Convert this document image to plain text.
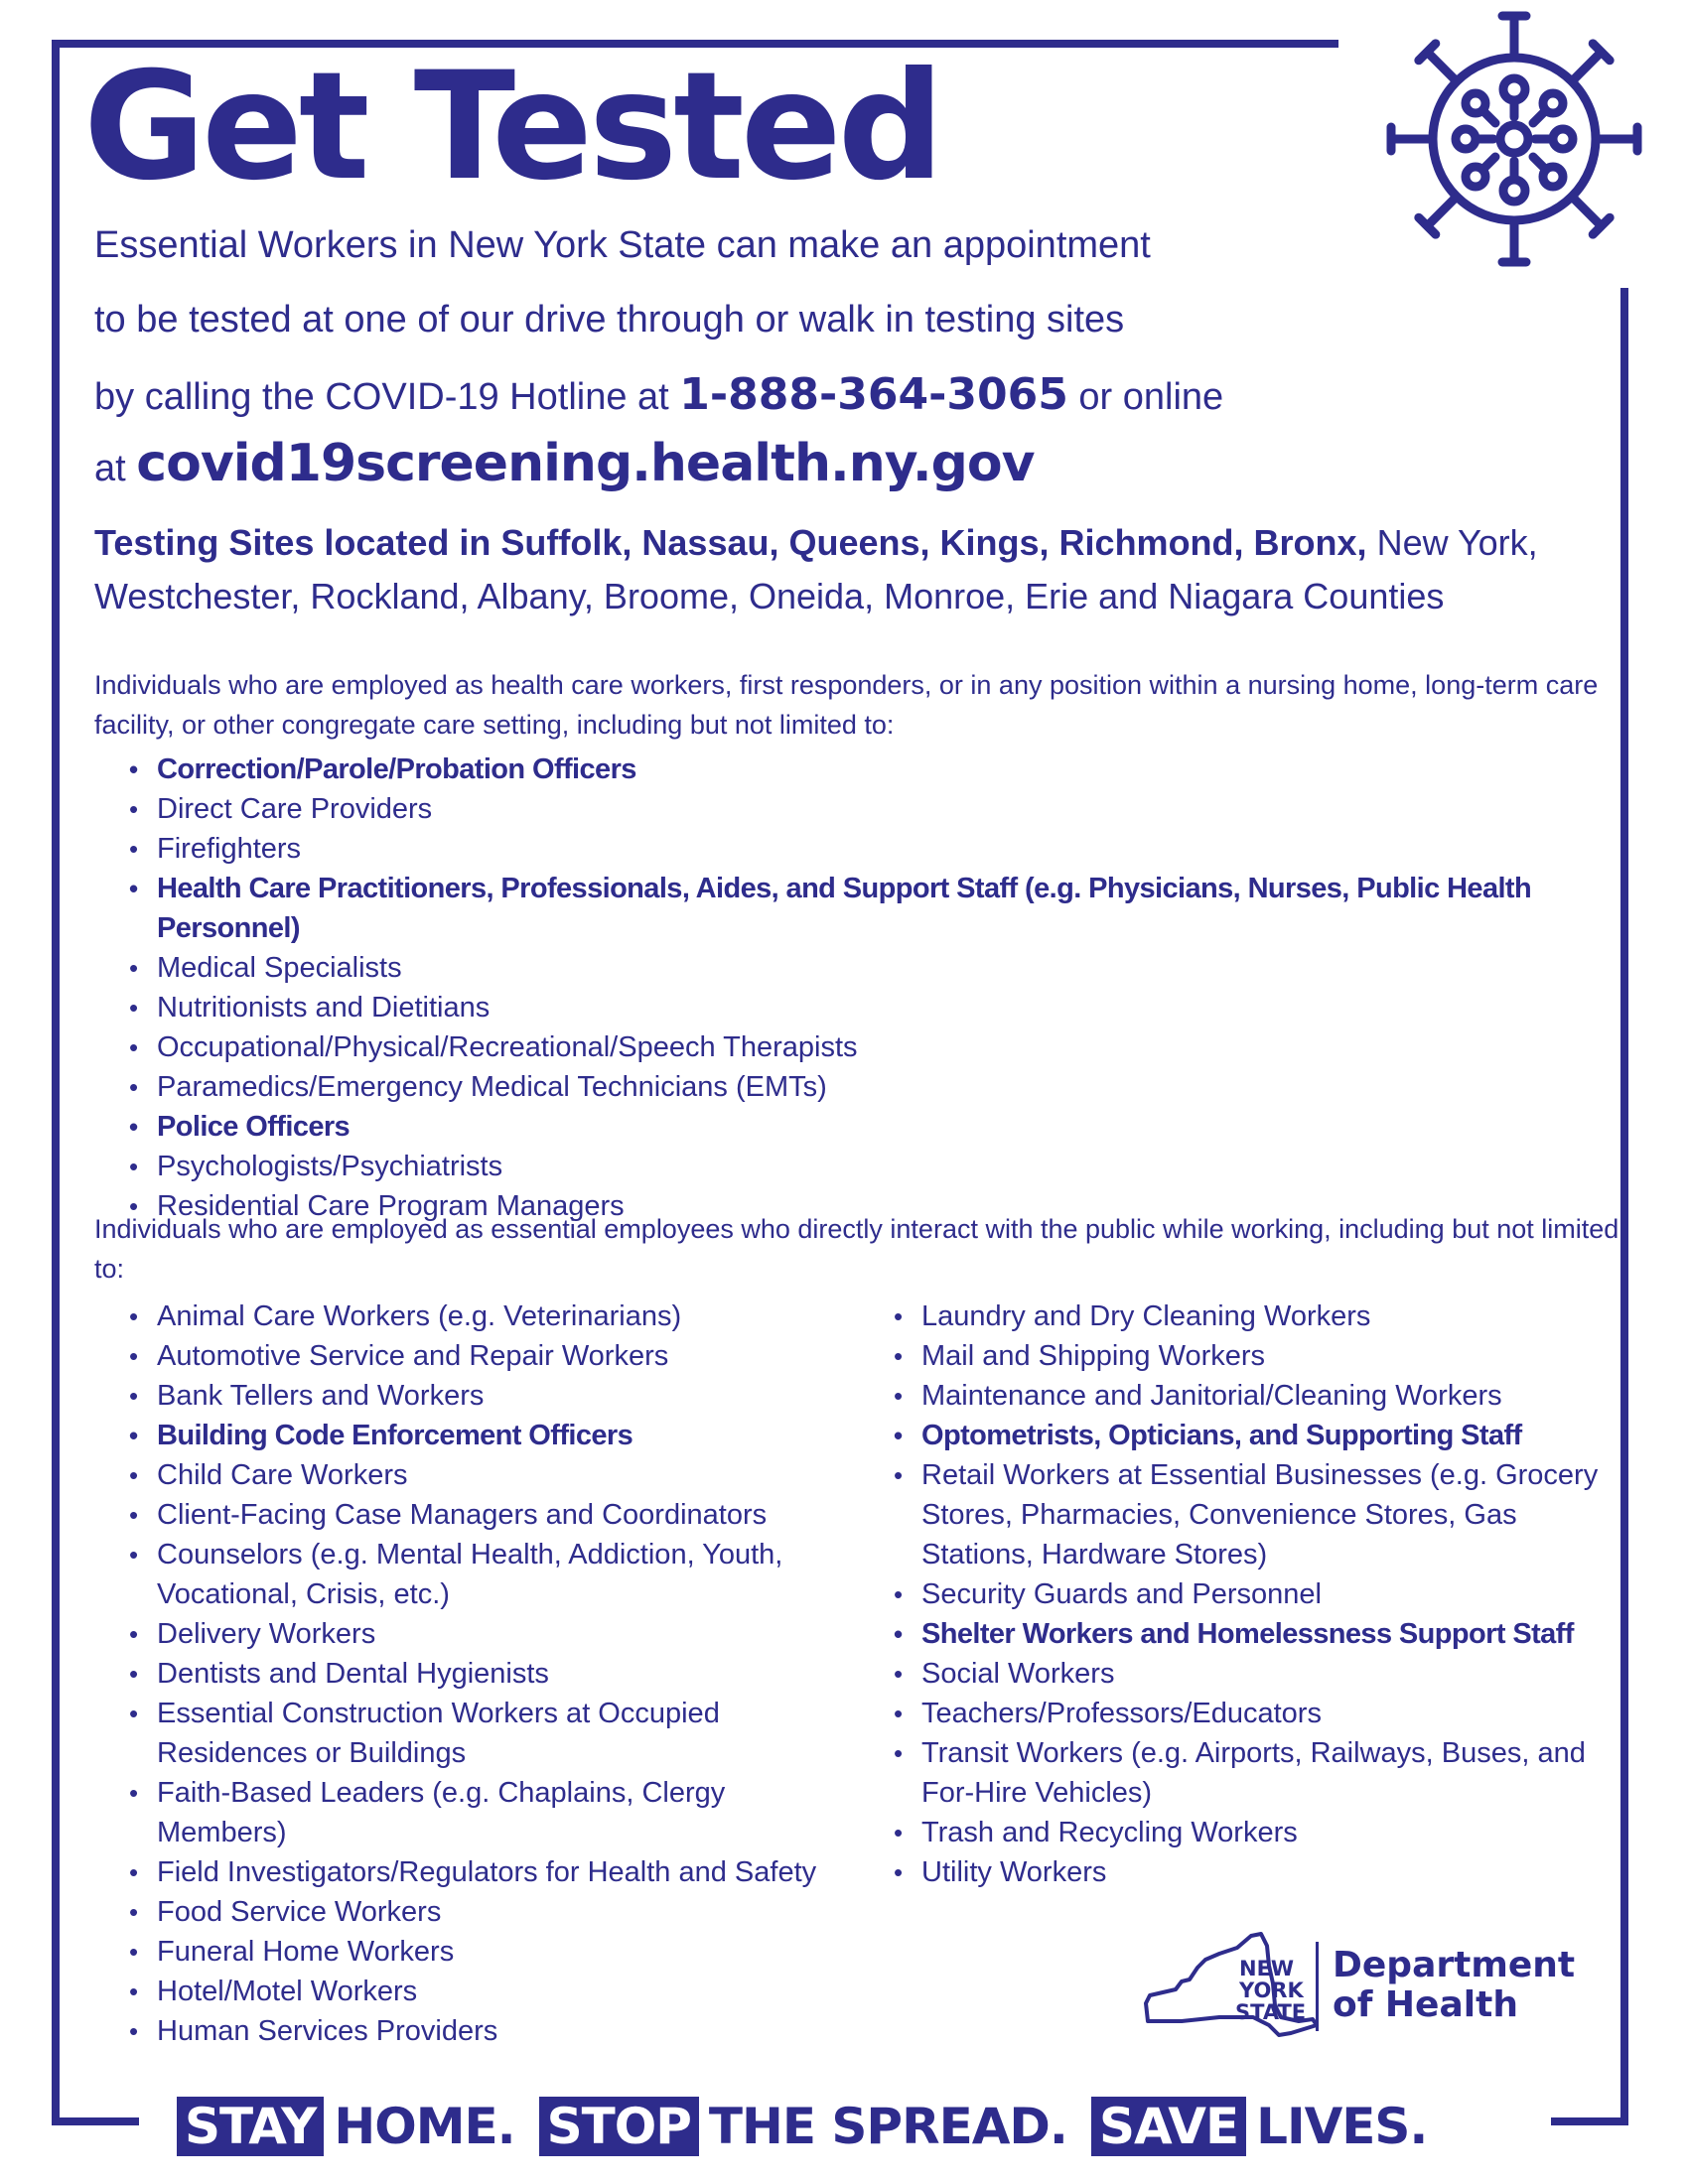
Get Tested
Essential Workers in New York State can make an appointment
to be tested at one of our drive through or walk in testing sites
by calling the COVID-19 Hotline at 1-888-364-3065 or online
at covid19screening.health.ny.gov
Testing Sites located in Suffolk, Nassau, Queens, Kings, Richmond, Bronx, New York, Westchester, Rockland, Albany, Broome, Oneida, Monroe, Erie and Niagara Counties
Individuals who are employed as health care workers, first responders, or in any position within a nursing home, long-term care facility, or other congregate care setting, including but not limited to:
• Correction/Parole/Probation Officers
• Direct Care Providers
• Firefighters
• Health Care Practitioners, Professionals, Aides, and Support Staff (e.g. Physicians, Nurses, Public Health Personnel)
• Medical Specialists
• Nutritionists and Dietitians
• Occupational/Physical/Recreational/Speech Therapists
• Paramedics/Emergency Medical Technicians (EMTs)
• Police Officers
• Psychologists/Psychiatrists
• Residential Care Program Managers
Individuals who are employed as essential employees who directly interact with the public while working, including but not limited to:
• Animal Care Workers (e.g. Veterinarians)
• Automotive Service and Repair Workers
• Bank Tellers and Workers
• Building Code Enforcement Officers
• Child Care Workers
• Client-Facing Case Managers and Coordinators
• Counselors (e.g. Mental Health, Addiction, Youth, Vocational, Crisis, etc.)
• Delivery Workers
• Dentists and Dental Hygienists
• Essential Construction Workers at Occupied Residences or Buildings
• Faith-Based Leaders (e.g. Chaplains, Clergy Members)
• Field Investigators/Regulators for Health and Safety
• Food Service Workers
• Funeral Home Workers
• Hotel/Motel Workers
• Human Services Providers
• Laundry and Dry Cleaning Workers
• Mail and Shipping Workers
• Maintenance and Janitorial/Cleaning Workers
• Optometrists, Opticians, and Supporting Staff
• Retail Workers at Essential Businesses (e.g. Grocery Stores, Pharmacies, Convenience Stores, Gas Stations, Hardware Stores)
• Security Guards and Personnel
• Shelter Workers and Homelessness Support Staff
• Social Workers
• Teachers/Professors/Educators
• Transit Workers (e.g. Airports, Railways, Buses, and For-Hire Vehicles)
• Trash and Recycling Workers
• Utility Workers
NEW
YORK
STATE
Department
of Health
STAY HOME. STOP THE SPREAD. SAVE LIVES.
